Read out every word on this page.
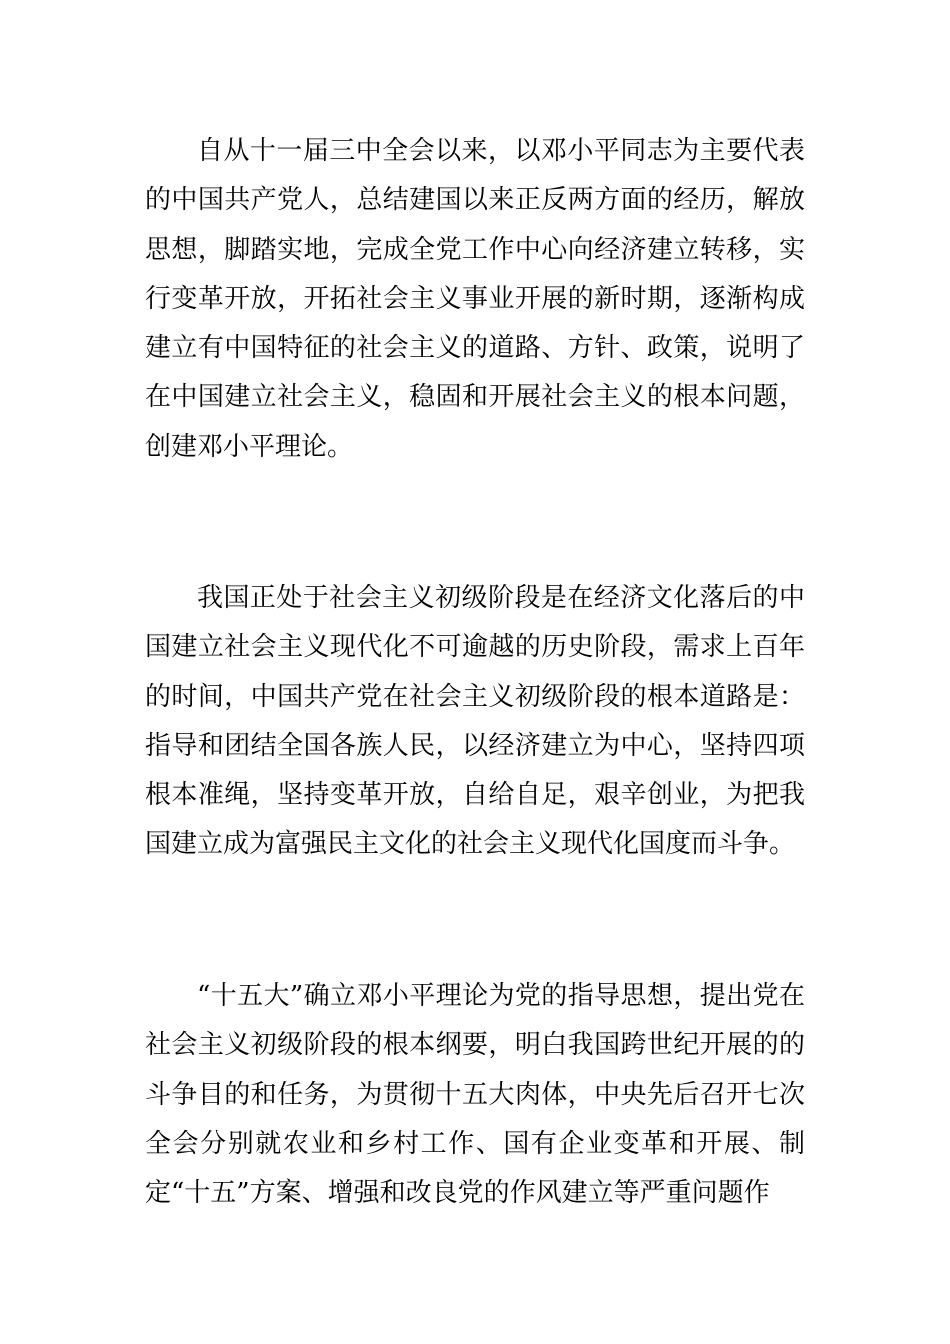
自从十一届三中全会以来，以邓小平同志为主要代表的中国共产党人，总结建国以来正反两方面的经历，解放思想，脚踏实地，完成全党工作中心向经济建立转移，实行变革开放，开拓社会主义事业开展的新时期，逐渐构成建立有中国特征的社会主义的道路、方针、政策，说明了在中国建立社会主义，稳固和开展社会主义的根本问题，创建邓小平理论。

我国正处于社会主义初级阶段是在经济文化落后的中国建立社会主义现代化不可逾越的历史阶段，需求上百年的时间，中国共产党在社会主义初级阶段的根本道路是：指导和团结全国各族人民，以经济建立为中心，坚持四项根本准绳，坚持变革开放，自给自足，艰辛创业，为把我国建立成为富强民主文化的社会主义现代化国度而斗争。

“十五大”确立邓小平理论为党的指导思想，提出党在社会主义初级阶段的根本纲要，明白我国跨世纪开展的的斗争目的和任务，为贯彻十五大肉体，中央先后召开七次全会分别就农业和乡村工作、国有企业变革和开展、制定“十五”方案、增强和改良党的作风建立等严重问题作
